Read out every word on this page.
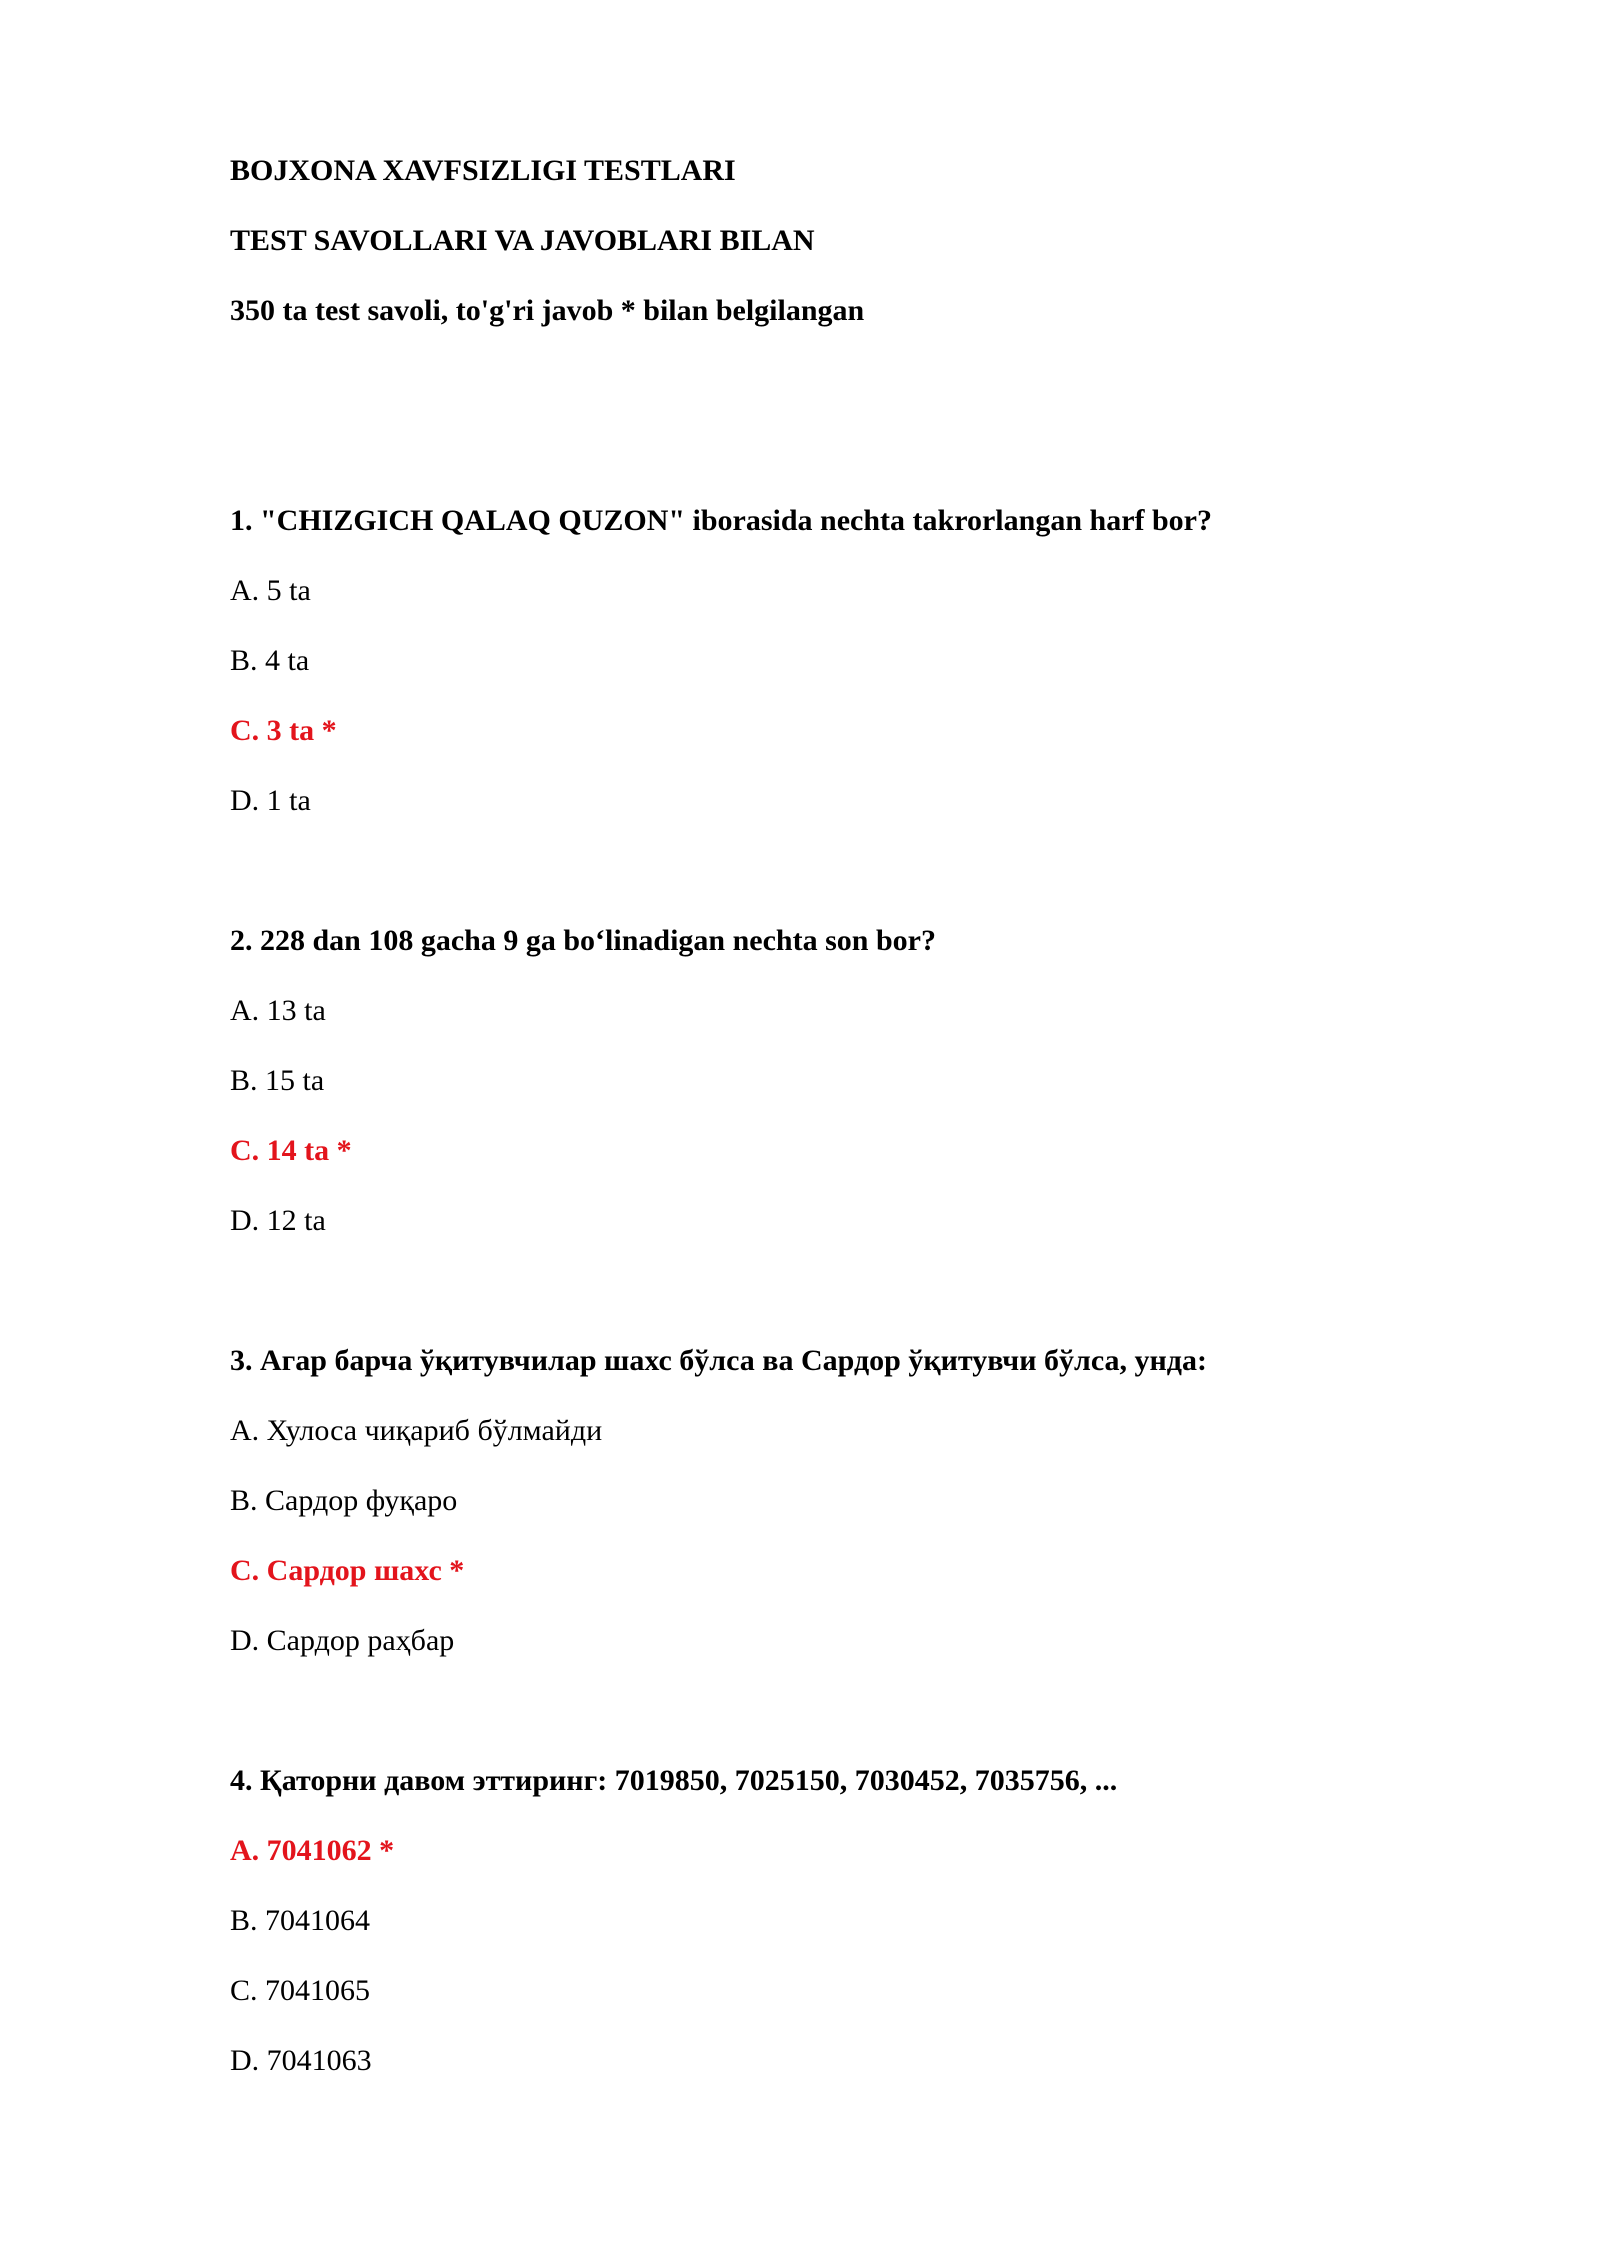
BOJXONA XAVFSIZLIGI TESTLARI

TEST SAVOLLARI VA JAVOBLARI BILAN

350 ta test savoli, to'g'ri javob * bilan belgilangan

1. "CHIZGICH QALAQ QUZON" iborasida nechta takrorlangan harf bor?

A. 5 ta

B. 4 ta

C. 3 ta *

D. 1 ta

2. 228 dan 108 gacha 9 ga bo‘linadigan nechta son bor?

A. 13 ta

B. 15 ta

C. 14 ta *

D. 12 ta

3. Агар барча ўқитувчилар шахс бўлса ва Сардор ўқитувчи бўлса, унда:

A. Хулоса чиқариб бўлмайди

B. Сардор фуқаро

C. Сардор шахс *

D. Сардор раҳбар

4. Қаторни давом эттиринг: 7019850, 7025150, 7030452, 7035756, ...

A. 7041062 *

B. 7041064

C. 7041065

D. 7041063
